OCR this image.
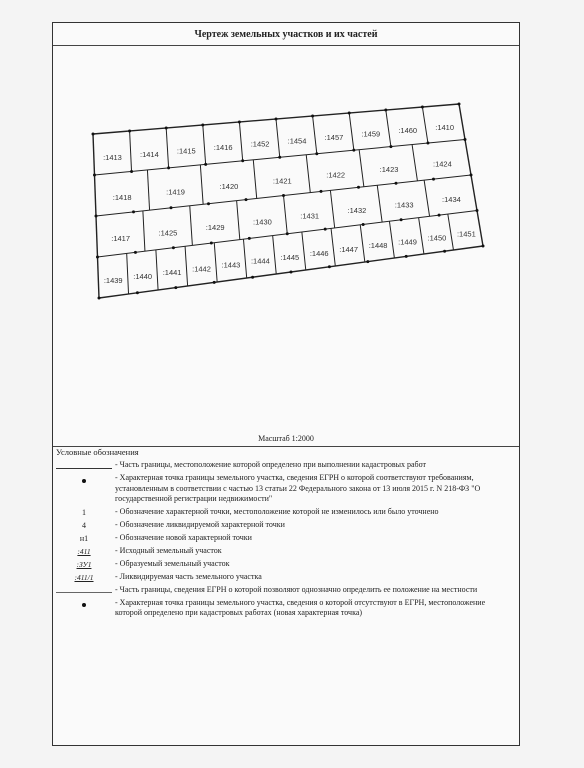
Чертеж земельных участков и их частей
:1413 :1414 :1415 :1416 :1452 :1454 :1457 :1459 :1460 :1410
:1418
:1419
:1420
:1421
:1422
:1423
:1424
:1417
:1425
:1429
:1430
:1431
:1432
:1433
:1434
:1439 :1440 :1441 :1442 :1443 :1444 :1445 :1446 :1447 :1448 :1449 :1450 :1451
Масштаб 1:2000
Условные обозначения
- Часть границы, местоположение которой определено при выполнении кадастровых работ
- Характерная точка границы земельного участка, сведения ЕГРН о которой соответствуют требованиям, установленным в соответствии с частью 13 статьи 22 Федерального закона от 13 июля 2015 г. N 218-ФЗ "О государственной регистрации недвижимости"
1	- Обозначение характерной точки, местоположение которой не изменилось или было уточнено
4	- Обозначение ликвидируемой характерной точки
н1	- Обозначение новой характерной точки
:411	- Исходный земельный участок
:ЗУ1	- Образуемый земельный участок
:411/1	- Ликвидируемая часть земельного участка
- Часть границы, сведения ЕГРН о которой позволяют однозначно определить ее положение на местности
- Характерная точка границы земельного участка, сведения о которой отсутствуют в ЕГРН, местоположение которой определено при кадастровых работах (новая характерная точка)
